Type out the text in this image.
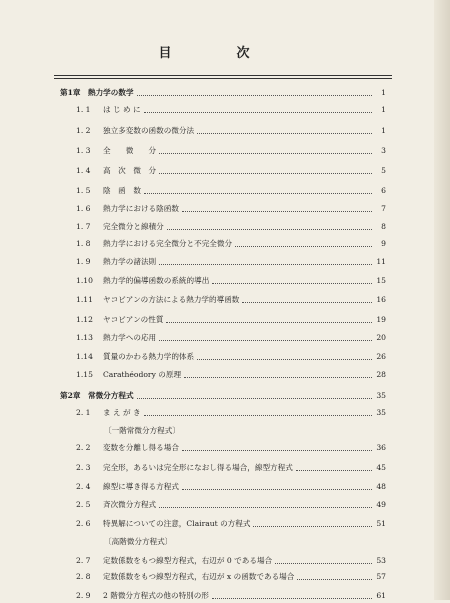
目　次
第1章 熱力学の数学	1
1. 1	は じ め に	1
1. 2	独立多変数の函数の微分法	1
1. 3	全　　微　　分	3
1. 4	高　次　微　分	5
1. 5	陰　函　数	6
1. 6	熱力学における陰函数	7
1. 7	完全微分と線積分	8
1. 8	熱力学における完全微分と不完全微分	9
1. 9	熱力学の諸法則	11
1.10	熱力学的偏導函数の系統的導出	15
1.11	ヤコビアンの方法による熱力学的導函数	16
1.12	ヤコビアンの性質	19
1.13	熱力学への応用	20
1.14	質量のかわる熱力学的体系	26
1.15	Carathéodory の原理	28
第2章 常微分方程式	35
2. 1	ま え が き	35
〔一階常微分方程式〕
2. 2	変数を分離し得る場合	36
2. 3	完全形，あるいは完全形になおし得る場合，線型方程式	45
2. 4	線型に導き得る方程式	48
2. 5	斉次微分方程式	49
2. 6	特異解についての注意，Clairaut の方程式	51
〔高階微分方程式〕
2. 7	定数係数をもつ線型方程式，右辺が 0 である場合	53
2. 8	定数係数をもつ線型方程式，右辺が x の函数である場合	57
2. 9	2 階微分方程式の他の特別の形	61
